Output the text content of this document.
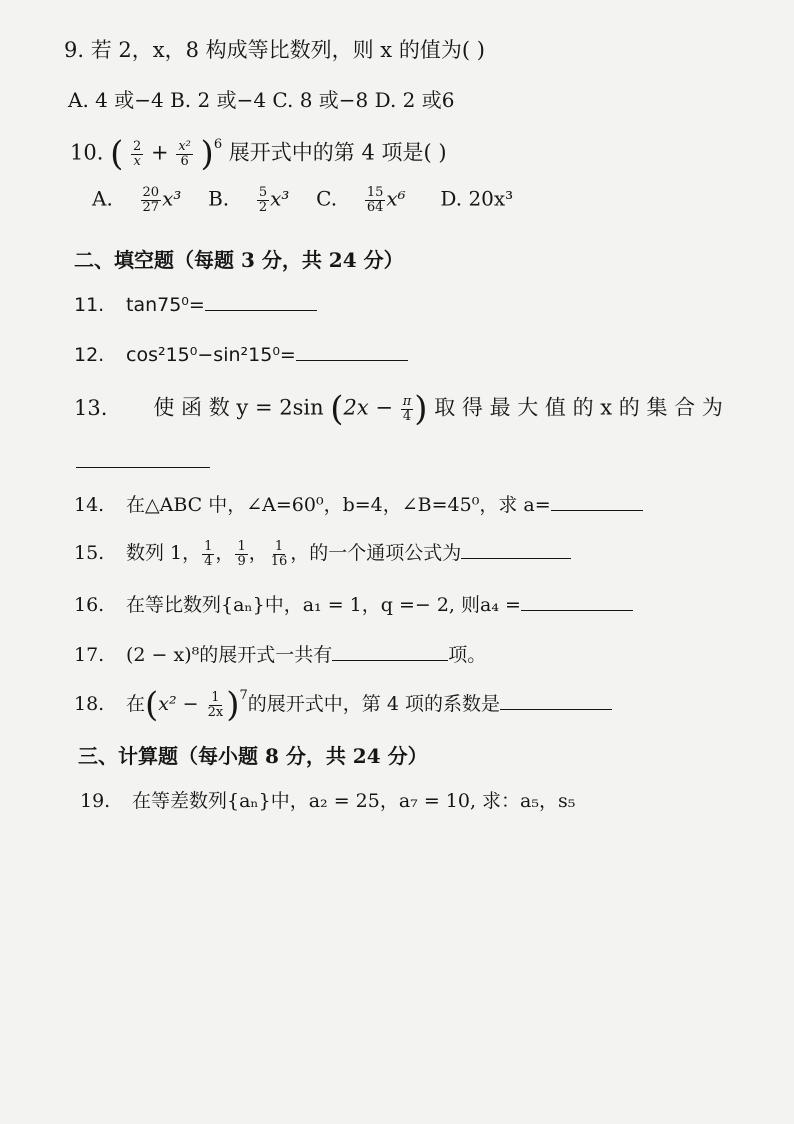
9. 若 2，x，8 构成等比数列，则 x 的值为( )
A. 4 或−4 B. 2 或−4 C. 8 或−8 D. 2 或6
10. ( $\frac{2}{x} + \frac{\text{x²}}{6} )^6$ 展开式中的第 4 项是( )
A. $\frac{20}{27} x^3$ B. $\frac{5}{2} x^3$ C. $\frac{15}{64} x^6$ D. 20x³
二、填空题（每题 3 分，共 24 分）
11. tan75⁰=
12. cos²15⁰−sin²15⁰=
13. 使 函 数 y = 2sin ($2x - \frac{\pi}{4}$ ) 取 得 最 大 值 的 x 的 集 合 为
14. 在△ABC 中，∠A=60⁰，b=4，∠B=45⁰，求 a=
15. 数列 1， $\frac{1}{4}$ ， $\frac{1}{9}$ ， $\frac{1}{16}$ ，的一个通项公式为
16. 在等比数列{aₙ}中，a₁ = 1，q =− 2, 则a₄ =
17. (2 − x)⁸的展开式一共有	项。
18. 在$(x^2 - \frac{1}{2x} )^7$的展开式中，第 4 项的系数是
三、计算题（每小题 8 分，共 24 分）
19. 在等差数列{aₙ}中，a₂ = 25，a₇ = 10, 求：a₅，s₅
